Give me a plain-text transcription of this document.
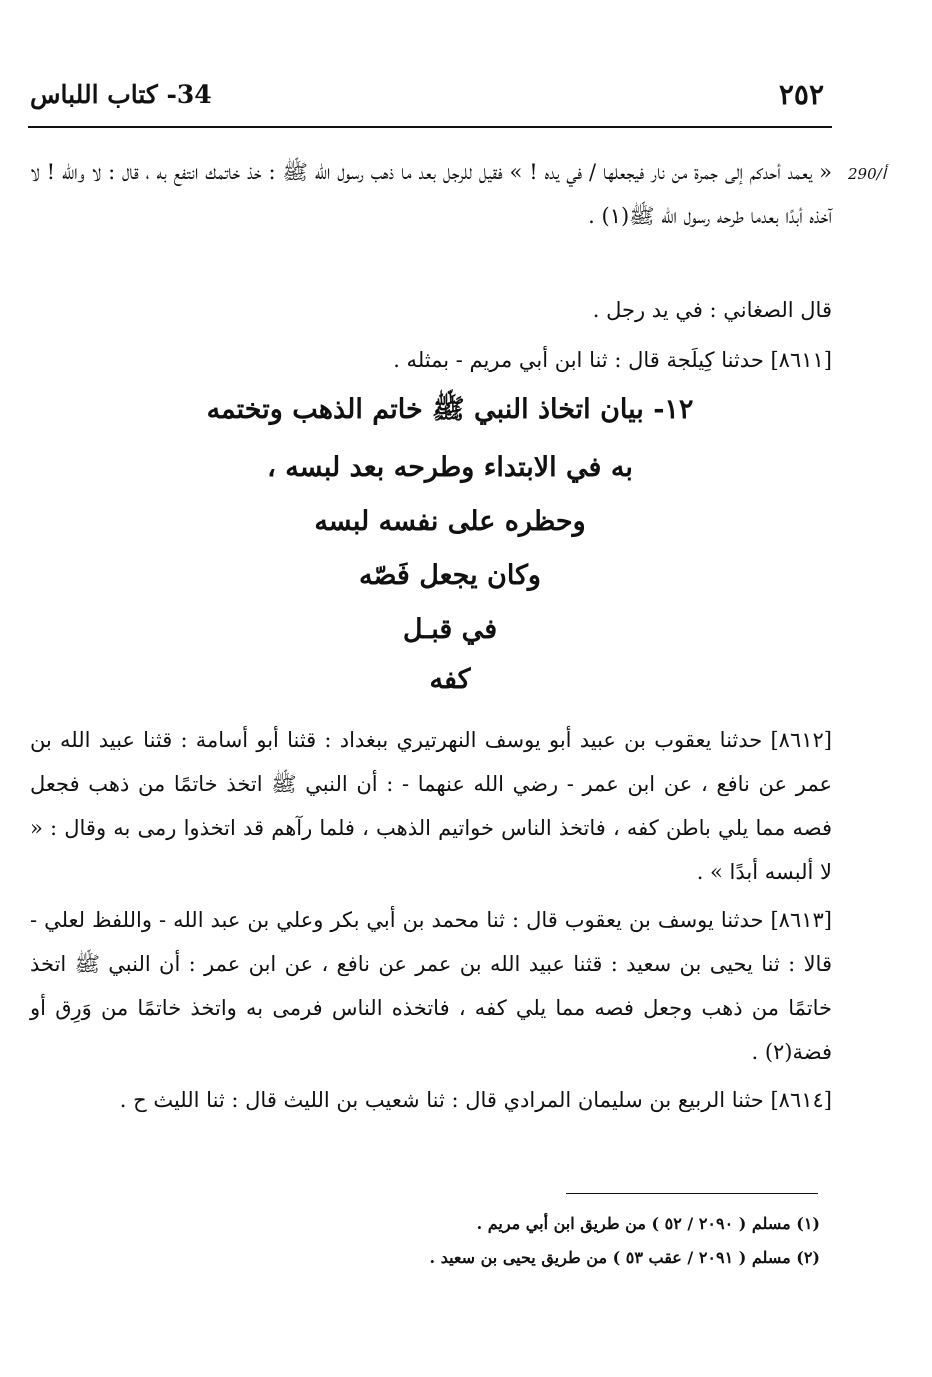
٢٥٢
34- كتاب اللباس
290/أ
« يعمد أحدكم إلى جمرة من نار فيجعلها / في يده ! » فقيل للرجل بعد ما ذهب رسول الله ﷺ : خذ خاتمك انتفع به ، قال : لا والله ! لا آخذه أبدًا بعدما طرحه رسول الله ﷺ(١) .
قال الصغاني : في يد رجل .
[٨٦١١] حدثنا كِيلَجة قال : ثنا ابن أبي مريم - بمثله .
١٢- بيان اتخاذ النبي ﷺ خاتم الذهب وتختمه
به في الابتداء وطرحه بعد لبسه ،
وحظره على نفسه لبسه
وكان يجعل فَصّه
في قبـل
كفه
[٨٦١٢] حدثنا يعقوب بن عبيد أبو يوسف النهرتيري ببغداد : قثنا أبو أسامة : قثنا عبيد الله بن عمر عن نافع ، عن ابن عمر - رضي الله عنهما - : أن النبي ﷺ اتخذ خاتمًا من ذهب فجعل فصه مما يلي باطن كفه ، فاتخذ الناس خواتيم الذهب ، فلما رآهم قد اتخذوا رمى به وقال : « لا ألبسه أبدًا » .
[٨٦١٣] حدثنا يوسف بن يعقوب قال : ثنا محمد بن أبي بكر وعلي بن عبد الله - واللفظ لعلي - قالا : ثنا يحيى بن سعيد : قثنا عبيد الله بن عمر عن نافع ، عن ابن عمر : أن النبي ﷺ اتخذ خاتمًا من ذهب وجعل فصه مما يلي كفه ، فاتخذه الناس فرمى به واتخذ خاتمًا من وَرِق أو فضة(٢) .
[٨٦١٤] حثنا الربيع بن سليمان المرادي قال : ثنا شعيب بن الليث قال : ثنا الليث ح .
(١) مسلم ( ٢٠٩٠ / ٥٢ ) من طريق ابن أبي مريم .
(٢) مسلم ( ٢٠٩١ / عقب ٥٣ ) من طريق يحيى بن سعيد .
